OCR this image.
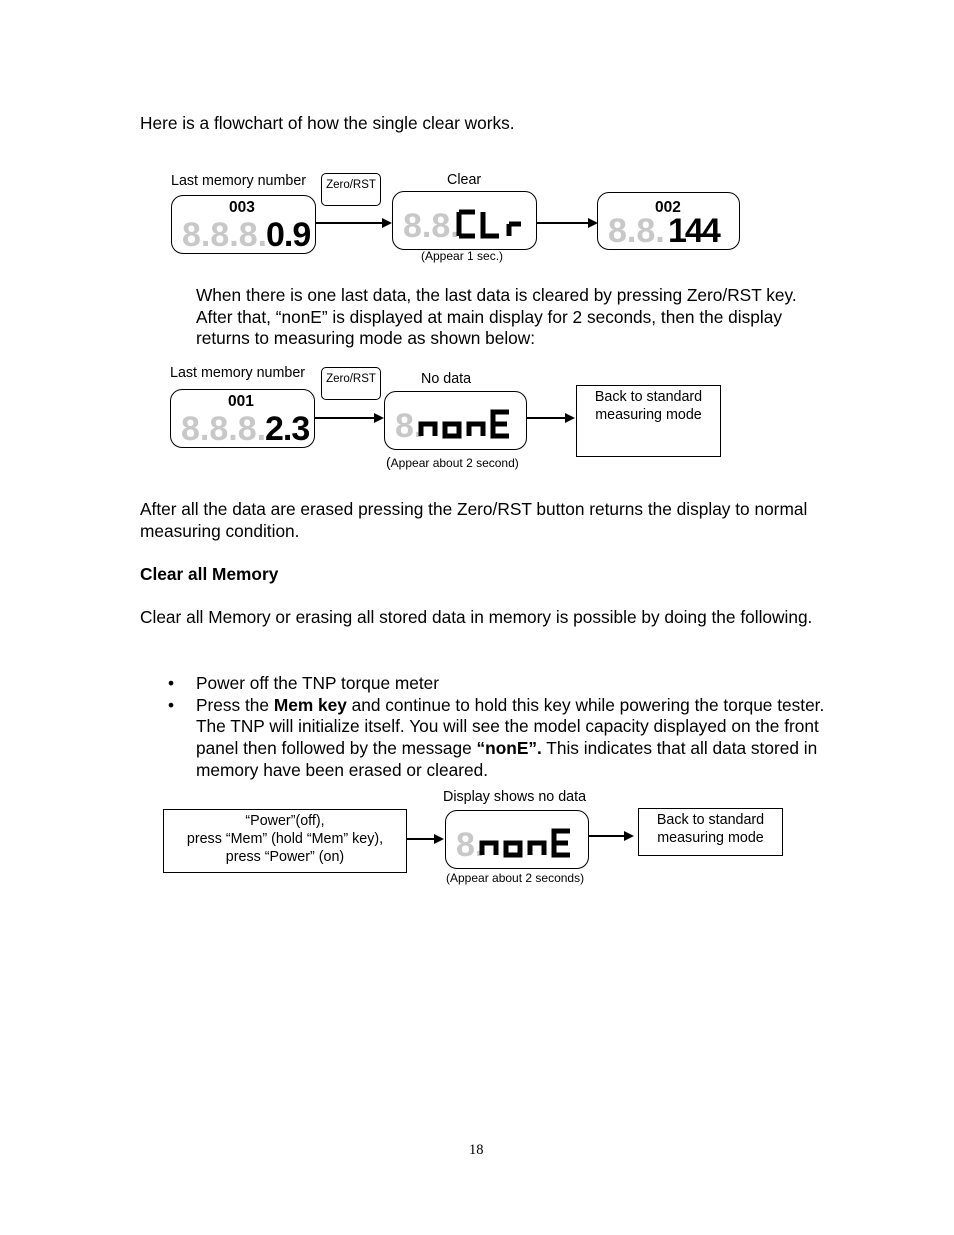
Here is a flowchart of how the single clear works.
Last memory number	Zero/RST	Clear
003
8.8.8.
0.9	8.8.
(Appear 1 sec.)
002
8.8. 144
When there is one last data, the last data is cleared by pressing Zero/RST key. After that, “nonE” is displayed at main display for 2 seconds, then the display returns to measuring mode as shown below:
Last memory number	Zero/RST	No data
001
8.8.8.
2.3	8.
(Appear about 2 second)
Back to standard measuring mode
After all the data are erased pressing the Zero/RST button returns the display to normal measuring condition.
Clear all Memory
Clear all Memory or erasing all stored data in memory is possible by doing the following.
• Power off the TNP torque meter
• Press the Mem key and continue to hold this key while powering the torque tester. The TNP will initialize itself. You will see the model capacity displayed on the front panel then followed by the message “nonE”. This indicates that all data stored in memory have been erased or cleared.
Display shows no data
“Power”(off),
press “Mem” (hold “Mem” key),
press “Power” (on)	8.
(Appear about 2 seconds)
Back to standard measuring mode
18
